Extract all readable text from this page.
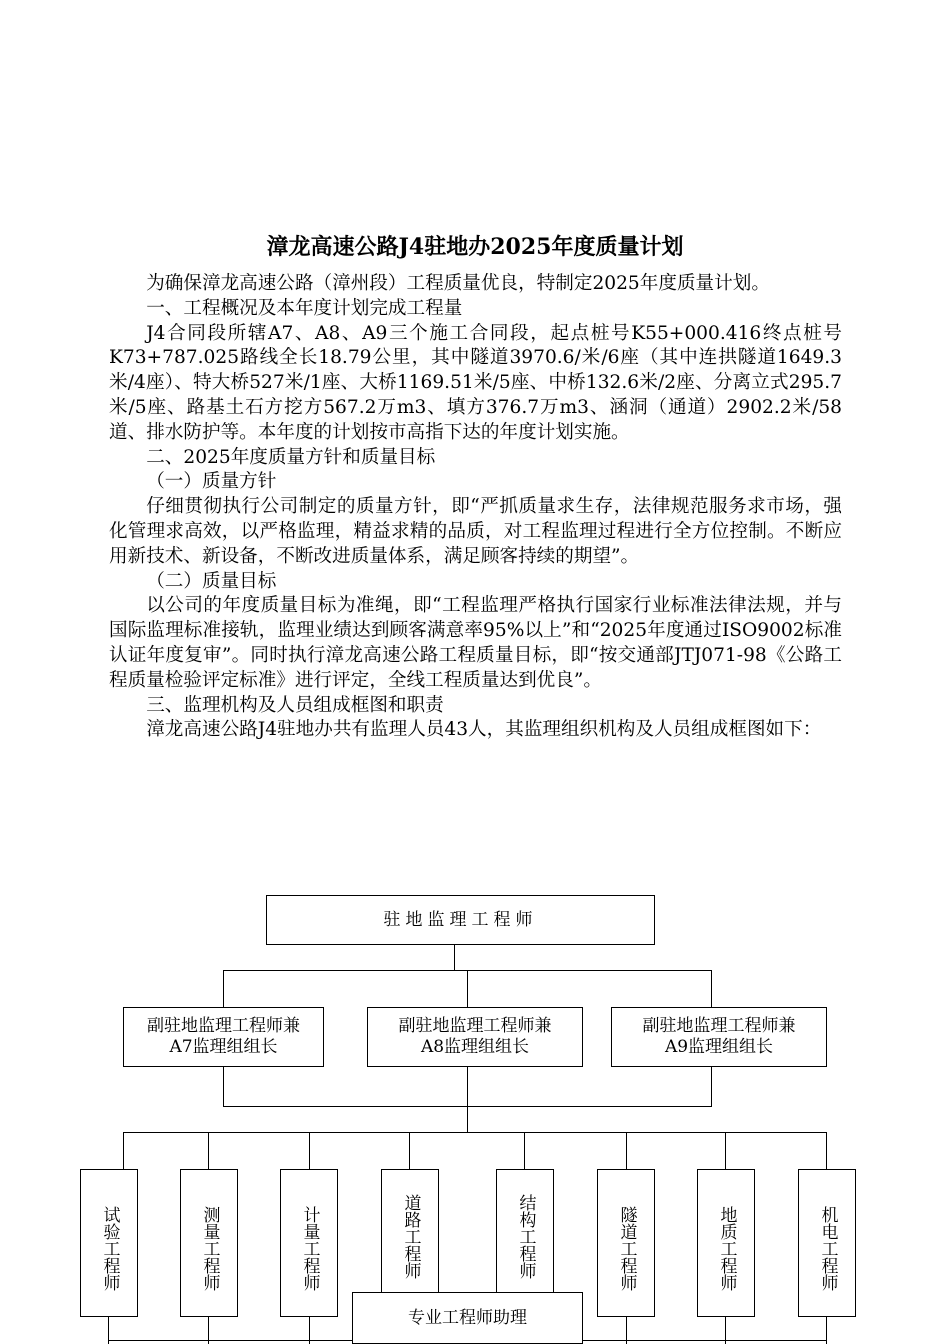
漳龙高速公路J4驻地办2025年度质量计划

为确保漳龙高速公路（漳州段）工程质量优良，特制定2025年度质量计划。

一、工程概况及本年度计划完成工程量

J4合同段所辖A7、A8、A9三个施工合同段，起点桩号K55+000.416终点桩号K73+787.025路线全长18.79公里，其中隧道3970.6/米/6座（其中连拱隧道1649.3米/4座）、特大桥527米/1座、大桥1169.51米/5座、中桥132.6米/2座、分离立式295.7米/5座、路基土石方挖方567.2万m3、填方376.7万m3、涵洞（通道）2902.2米/58道、排水防护等。本年度的计划按市高指下达的年度计划实施。

二、2025年度质量方针和质量目标

（一）质量方针

仔细贯彻执行公司制定的质量方针，即“严抓质量求生存，法律规范服务求市场，强化管理求高效，以严格监理，精益求精的品质，对工程监理过程进行全方位控制。不断应用新技术、新设备，不断改进质量体系，满足顾客持续的期望”。

（二）质量目标

以公司的年度质量目标为准绳，即“工程监理严格执行国家行业标准法律法规，并与国际监理标准接轨，监理业绩达到顾客满意率95%以上”和“2025年度通过ISO9002标准认证年度复审”。同时执行漳龙高速公路工程质量目标，即“按交通部JTJ071-98《公路工程质量检验评定标准》进行评定，全线工程质量达到优良”。

三、监理机构及人员组成框图和职责

漳龙高速公路J4驻地办共有监理人员43人，其监理组织机构及人员组成框图如下：

驻地监理工程师
副驻地监理工程师兼
A7监理组组长
副驻地监理工程师兼
A8监理组组长
副驻地监理工程师兼
A9监理组组长
试验工程师	测量工程师	计量工程师	道路工程师	结构工程师	隧道工程师	地质工程师	机电工程师
专业工程师助理
